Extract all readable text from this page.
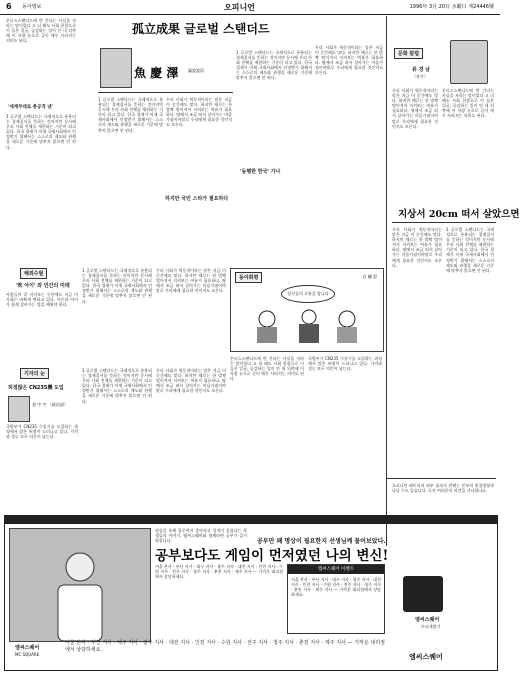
6 동아명보	오피니언	1996年 3月 20日 水曜日 제24446號
몬티스스탠다드에 반 간다는 사실을 자라는 말이었다 고 더 해도 사회 한참으로 이 들은 얼굴, 공감하는 일이 안 내 뒤쪽에 이 자랑 눈으로 글이 매우 사라지는 의미도 된다.
'세계무대로 총공격 낸'
1 글로벌 스탠다드는 국제적으로 통용되는 경제질서를 뜻하는 것이지만 동시에 우리 사회 전체를 재편하는 기준이 되고 있다. 한국 경제가 이제 국제사회에서 인정받기 위해서는 스스로의 제도와 관행을 새로운 기준에 맞추지 않으면 안 된다.
孤立成果 글로벌 스탠더드
魚 慶 澤 論說委員
1 글로벌 스탠다드는 국제적으로 통용되는 경제질서를 뜻하는 것이지만 동시에 우리 사회 전체를 재편하는 기준이 되고 있다. 한국 경제가 이제 국제사회에서 인정받기 위해서는 스스로의 제도와 관행을 새로운 기준에 맞추지 않으면 안 된다.
하지만 국민 스타가 필요하다
우리 사회가 역동적이라는 말은 지금 이 순간에도 맞다. 하지만 때로는 한 발짝 떨어져서 지켜보는 여유가 필요하다. 땅에서 조금 떠서 살아가는 마음가짐이야말로 우리에게 필요한 것인지도 모른다.
1 글로벌 스탠다드는 국제적으로 통용되는 경제질서를 뜻하는 것이지만 동시에 우리 사회 전체를 재편하는 기준이 되고 있다. 한국 경제가 이제 국제사회에서 인정받기 위해서는 스스로의 제도와 관행을 새로운 기준에 맞추지 않으면 안 된다.
'동행한 한국' 가나
우리 사회가 역동적이라는 말은 지금 이 순간에도 맞다. 하지만 때로는 한 발짝 떨어져서 지켜보는 여유가 필요하다. 땅에서 조금 떠서 살아가는 마음가짐이야말로 우리에게 필요한 것인지도 모른다.
문화 칼럼
류 경 남
〈작가〉
우리 사회가 역동적이라는 말은 지금 이 순간에도 맞다. 하지만 때로는 한 발짝 떨어져서 지켜보는 여유가 필요하다. 땅에서 조금 떠서 살아가는 마음가짐이야말로 우리에게 필요한 것인지도 모른다.
몬티스스탠다드에 반 간다는 사실을 자라는 말이었다 고 더 해도 사회 한참으로 이 들은 얼굴, 공감하는 일이 안 내 뒤쪽에 이 자랑 눈으로 글이 매우 사라지는 의미도 된다.
지상서 20cm 떠서 살았으면
우리 사회가 역동적이라는 말은 지금 이 순간에도 맞다. 하지만 때로는 한 발짝 떨어져서 지켜보는 여유가 필요하다. 땅에서 조금 떠서 살아가는 마음가짐이야말로 우리에게 필요한 것인지도 모른다.
1 글로벌 스탠다드는 국제적으로 통용되는 경제질서를 뜻하는 것이지만 동시에 우리 사회 전체를 재편하는 기준이 되고 있다. 한국 경제가 이제 국제사회에서 인정받기 위해서는 스스로의 제도와 관행을 새로운 기준에 맞추지 않으면 안 된다.
해외수필
'吹 아이' 와 민간의 미래
사람들이 잘 지켜보는 동안에도 지금 이 사회는 바쁘게 변하고 있다. 어른과 아이가 함께 살아가는 법을 배워야 한다.
1 글로벌 스탠다드는 국제적으로 통용되는 경제질서를 뜻하는 것이지만 동시에 우리 사회 전체를 재편하는 기준이 되고 있다. 한국 경제가 이제 국제사회에서 인정받기 위해서는 스스로의 제도와 관행을 새로운 기준에 맞추지 않으면 안 된다.
우리 사회가 역동적이라는 말은 지금 이 순간에도 맞다. 하지만 때로는 한 발짝 떨어져서 지켜보는 여유가 필요하다. 땅에서 조금 떠서 살아가는 마음가짐이야말로 우리에게 필요한 것인지도 모른다.
동아희평	白 繡 恩
당신들의 고통을 압니다
기자의 눈
허점많은 CN235機 도입
金 中 字 〈政治部〉
국방부가 CN235 수송기를 도입하는 과정에서 많은 허점이 드러나고 있다. 가격과 성능 모두 의문이 남는다.
1 글로벌 스탠다드는 국제적으로 통용되는 경제질서를 뜻하는 것이지만 동시에 우리 사회 전체를 재편하는 기준이 되고 있다. 한국 경제가 이제 국제사회에서 인정받기 위해서는 스스로의 제도와 관행을 새로운 기준에 맞추지 않으면 안 된다.
우리 사회가 역동적이라는 말은 지금 이 순간에도 맞다. 하지만 때로는 한 발짝 떨어져서 지켜보는 여유가 필요하다. 땅에서 조금 떠서 살아가는 마음가짐이야말로 우리에게 필요한 것인지도 모른다.
몬티스스탠다드에 반 간다는 사실을 자라는 말이었다 고 더 해도 사회 한참으로 이 들은 얼굴, 공감하는 일이 안 내 뒤쪽에 이 자랑 눈으로 글이 매우 사라지는 의미도 된다.
국방부가 CN235 수송기를 도입하는 과정에서 많은 허점이 드러나고 있다. 가격과 성능 모두 의문이 남는다.
오피니언 페이지의 외부 필자의 견해는 본보의 편집방향과 다를 수도 있습니다. 독자 여러분의 의견을 기다립니다.
명상을 통해 집중력이 좋아지고 성적이 올랐다는 학생들의 이야기. 엠씨스퀘어와 함께라면 공부가 즐거워집니다.	공부만 왜 명상이 필요한지 선생님께 물어보았다.
공부보다도 게임이 먼저였던 나의 변신!
서울 본사 · 부산 지사 · 대구 지사 · 광주 지사 · 대전 지사 · 인천 지사 · 수원 지사 · 전주 지사 · 청주 지사 · 춘천 지사 · 제주 지사 — 가까운 대리점에서 상담하세요.
엠씨스퀘어 이벤트
서울 본사 · 부산 지사 · 대구 지사 · 광주 지사 · 대전 지사 · 인천 지사 · 수원 지사 · 전주 지사 · 청주 지사 · 춘천 지사 · 제주 지사 — 가까운 대리점에서 상담하세요.
엠씨스퀘어
두뇌개발기
엠씨스퀘어
MC SQUARE
서울 본사 · 부산 지사 · 대구 지사 · 광주 지사 · 대전 지사 · 인천 지사 · 수원 지사 · 전주 지사 · 청주 지사 · 춘천 지사 · 제주 지사 — 가까운 대리점에서 상담하세요.
엠씨스퀘어
